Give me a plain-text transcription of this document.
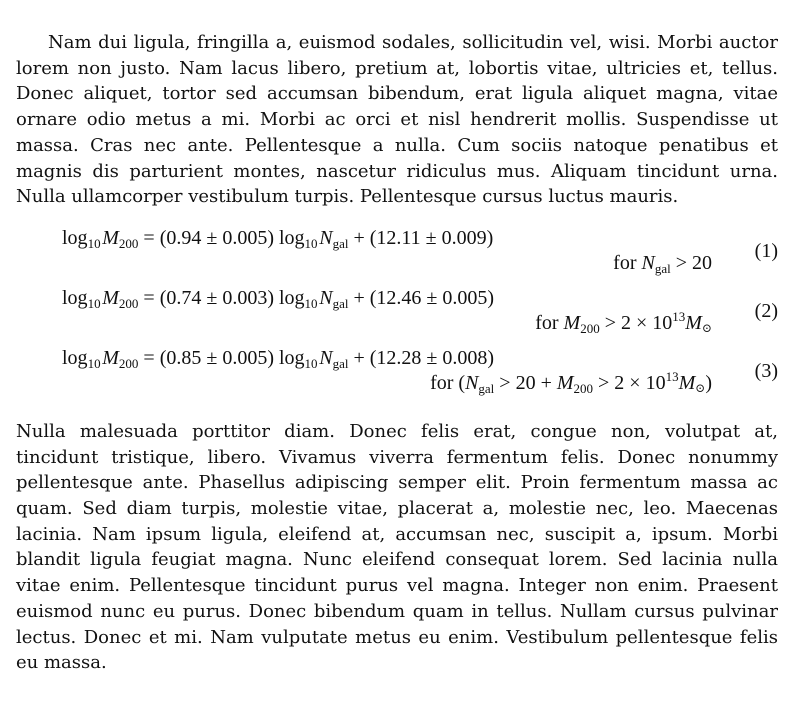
Nam dui ligula, fringilla a, euismod sodales, sollicitudin vel, wisi. Morbi auctor lorem non justo. Nam lacus libero, pretium at, lobortis vitae, ultricies et, tellus. Donec aliquet, tortor sed accumsan bibendum, erat ligula aliquet magna, vitae ornare odio metus a mi. Morbi ac orci et nisl hendrerit mollis. Suspendisse ut massa. Cras nec ante. Pellentesque a nulla. Cum sociis natoque penatibus et magnis dis parturient montes, nascetur ridiculus mus. Aliquam tincidunt urna. Nulla ullamcorper vestibulum turpis. Pellentesque cursus luctus mauris.

$\log_{10}$ $M_{200} = (0.94 \pm 0.005)$ $\log_{10}$ $N_{gal} + (12.11 \pm 0.009)$
for $N_{gal} > 20$
(1)
$\log_{10}$ $M_{200} = (0.74 \pm 0.003)$ $\log_{10}$ $N_{gal} + (12.46 \pm 0.005)$
for $M_{200} > 2 \times 10^{13}M_⊙$
(2)
$\log_{10}$ $M_{200} = (0.85 \pm 0.005)$ $\log_{10}$ $N_{gal} + (12.28 \pm 0.008)$
for $(N_{gal} > 20 + M_{200} > 2 \times 10^{13}M_⊙)$
(3)

Nulla malesuada porttitor diam. Donec felis erat, congue non, volutpat at, tincidunt tristique, libero. Vivamus viverra fermentum felis. Donec nonummy pellentesque ante. Phasellus adipiscing semper elit. Proin fermentum massa ac quam. Sed diam turpis, molestie vitae, placerat a, molestie nec, leo. Maecenas lacinia. Nam ipsum ligula, eleifend at, accumsan nec, suscipit a, ipsum. Morbi blandit ligula feugiat magna. Nunc eleifend consequat lorem. Sed lacinia nulla vitae enim. Pellentesque tincidunt purus vel magna. Integer non enim. Praesent euismod nunc eu purus. Donec bibendum quam in tellus. Nullam cursus pulvinar lectus. Donec et mi. Nam vulputate metus eu enim. Vestibulum pellentesque felis eu massa.
